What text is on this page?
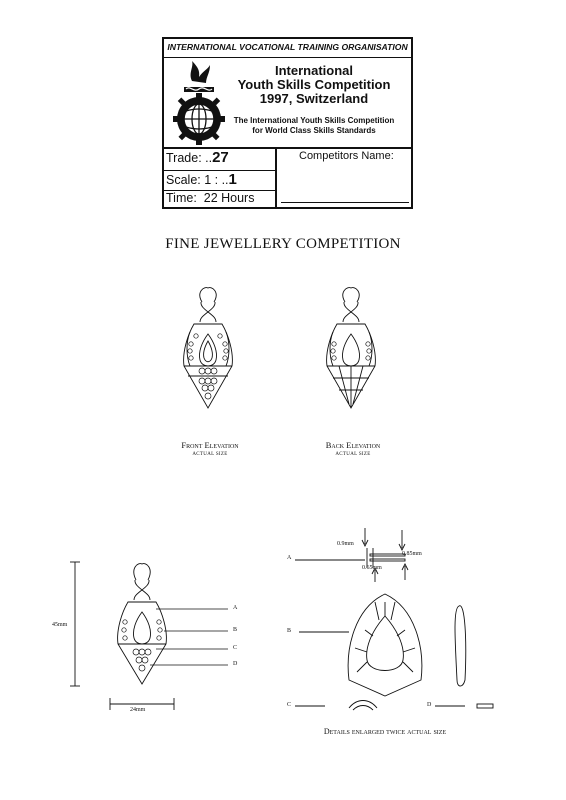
INTERNATIONAL VOCATIONAL TRAINING ORGANISATION
International
Youth Skills Competition
1997, Switzerland
The International Youth Skills Competition
for World Class Skills Standards
Trade: ..27
Scale: 1 : ..1
Time: 22 Hours
Competitors Name:
FINE JEWELLERY COMPETITION
Front Elevation
ACTUAL SIZE
Back Elevation
ACTUAL SIZE
45mm
24mm
A
B
C
D
A
B
C	D
0.9mm
0.85mm
0.65mm
Details enlarged twice actual size
